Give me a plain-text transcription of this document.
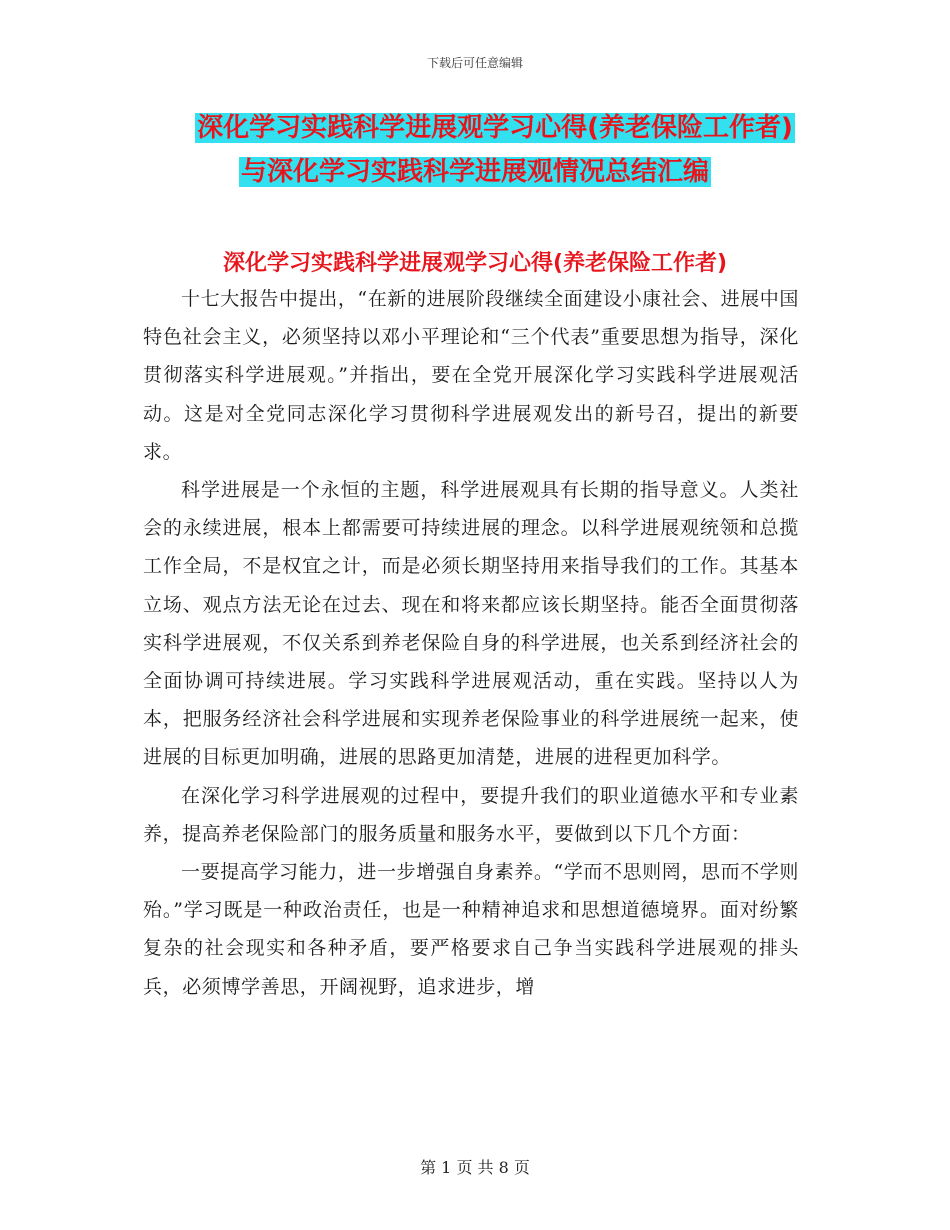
下载后可任意编辑
深化学习实践科学进展观学习心得(养老保险工作者)
与深化学习实践科学进展观情况总结汇编
深化学习实践科学进展观学习心得(养老保险工作者)

十七大报告中提出，“在新的进展阶段继续全面建设小康社会、进展中国特色社会主义，必须坚持以邓小平理论和“三个代表”重要思想为指导，深化贯彻落实科学进展观。”并指出，要在全党开展深化学习实践科学进展观活动。这是对全党同志深化学习贯彻科学进展观发出的新号召，提出的新要求。

科学进展是一个永恒的主题，科学进展观具有长期的指导意义。人类社会的永续进展，根本上都需要可持续进展的理念。以科学进展观统领和总揽工作全局，不是权宜之计，而是必须长期坚持用来指导我们的工作。其基本立场、观点方法无论在过去、现在和将来都应该长期坚持。能否全面贯彻落实科学进展观，不仅关系到养老保险自身的科学进展，也关系到经济社会的全面协调可持续进展。学习实践科学进展观活动，重在实践。坚持以人为本，把服务经济社会科学进展和实现养老保险事业的科学进展统一起来，使进展的目标更加明确，进展的思路更加清楚，进展的进程更加科学。

在深化学习科学进展观的过程中，要提升我们的职业道德水平和专业素养，提高养老保险部门的服务质量和服务水平，要做到以下几个方面：

一要提高学习能力，进一步增强自身素养。“学而不思则罔，思而不学则殆。”学习既是一种政治责任，也是一种精神追求和思想道德境界。面对纷繁复杂的社会现实和各种矛盾，要严格要求自己争当实践科学进展观的排头兵，必须博学善思，开阔视野，追求进步，增

第 1 页 共 8 页
